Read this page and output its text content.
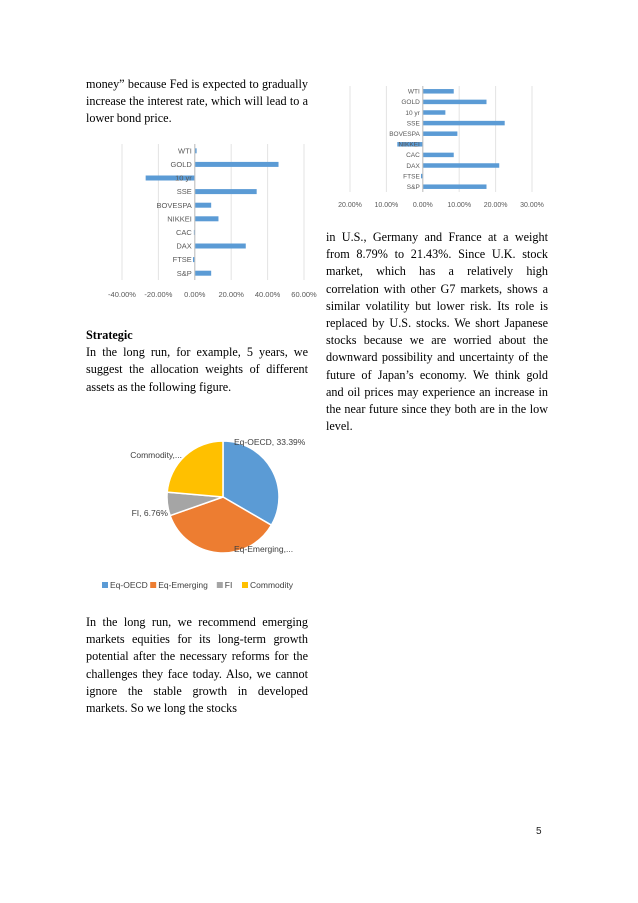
money” because Fed is expected to gradually increase the interest rate, which will lead to a lower bond price.

-40.00% -20.00% 0.00% 20.00% 40.00% 60.00%
WTI
GOLD
10 yr
SSE
BOVESPA
NIKKEI
CAC
DAX
FTSE
S&P
20.00% 10.00% 0.00% 10.00% 20.00% 30.00%
WTI
GOLD
10 yr
SSE
BOVESPA
NIKKEI
CAC
DAX
FTSE
S&P

Strategic

In the long run, for example, 5 years, we suggest the allocation weights of different assets as the following figure.

Eq-OECD, 33.39%
Eq-Emerging,...
FI, 6.76%
Commodity,...
Eq-OECD Eq-Emerging FI Commodity

In the long run, we recommend emerging markets equities for its long-term growth potential after the necessary reforms for the challenges they face today. Also, we cannot ignore the stable growth in developed markets. So we long the stocks

in U.S., Germany and France at a weight from 8.79% to 21.43%. Since U.K. stock market, which has a relatively high correlation with other G7 markets, shows a similar volatility but lower risk. Its role is replaced by U.S. stocks. We short Japanese stocks because we are worried about the downward possibility and uncertainty of the future of Japan’s economy. We think gold and oil prices may experience an increase in the near future since they both are in the low level.

5
